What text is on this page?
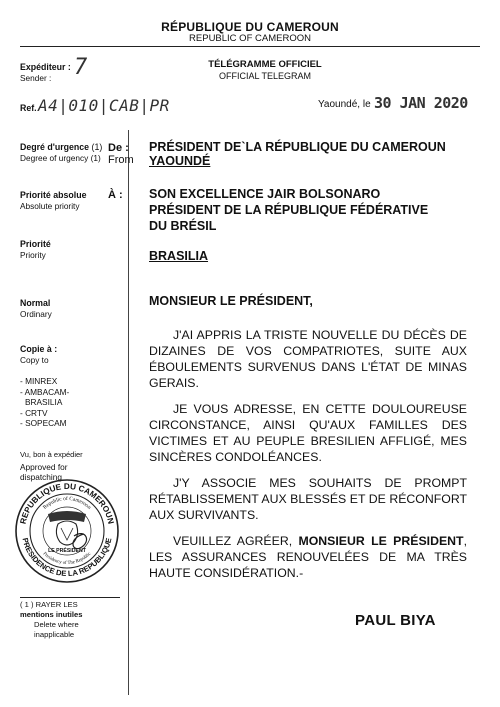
RÉPUBLIQUE DU CAMEROUN
REPUBLIC OF CAMEROON
TÉLÉGRAMME OFFICIEL
OFFICIAL TELEGRAM
Expéditeur :
Sender : 7
Ref. A4|010|CAB|PR	Yaoundé, le 30 JAN 2020
Degré d'urgence (1)
Degree of urgency (1)
Priorité absolue
Absolute priority
Priorité
Priority
Normal
Ordinary
Copie à :
Copy to
- MINREX
- AMBACAM-
BRASILIA
- CRTV
- SOPECAM
Vu, bon à expédier
Approved for dispatching
REPUBLIQUE DU CAMEROUN
PRESIDENCE DE LA REPUBLIQUE
Republic of Cameroon
Presidency of The Republic
LE PRÉSIDENT
( 1 ) RAYER LES
mentions inutiles
Delete where
inapplicable
De :
From
PRÉSIDENT DE`LA RÉPUBLIQUE DU CAMEROUN
YAOUNDÉ
À : SON EXCELLENCE JAIR BOLSONARO
PRÉSIDENT DE LA RÉPUBLIQUE FÉDÉRATIVE
DU BRÉSIL
BRASILIA
MONSIEUR LE PRÉSIDENT,

J'AI APPRIS LA TRISTE NOUVELLE DU DÉCÈS DE DIZAINES DE VOS COMPATRIOTES, SUITE AUX ÉBOULEMENTS SURVENUS DANS L'ÉTAT DE MINAS GERAIS.

JE VOUS ADRESSE, EN CETTE DOULOUREUSE CIRCONSTANCE, AINSI QU'AUX FAMILLES DES VICTIMES ET AU PEUPLE BRESILIEN AFFLIGÉ, MES SINCÈRES CONDOLÉANCES.

J'Y ASSOCIE MES SOUHAITS DE PROMPT RÉTABLISSEMENT AUX BLESSÉS ET DE RÉCONFORT AUX SURVIVANTS.

VEUILLEZ AGRÉER, MONSIEUR LE PRÉSIDENT, LES ASSURANCES RENOUVELÉES DE MA TRÈS HAUTE CONSIDÉRATION.-

PAUL BIYA
